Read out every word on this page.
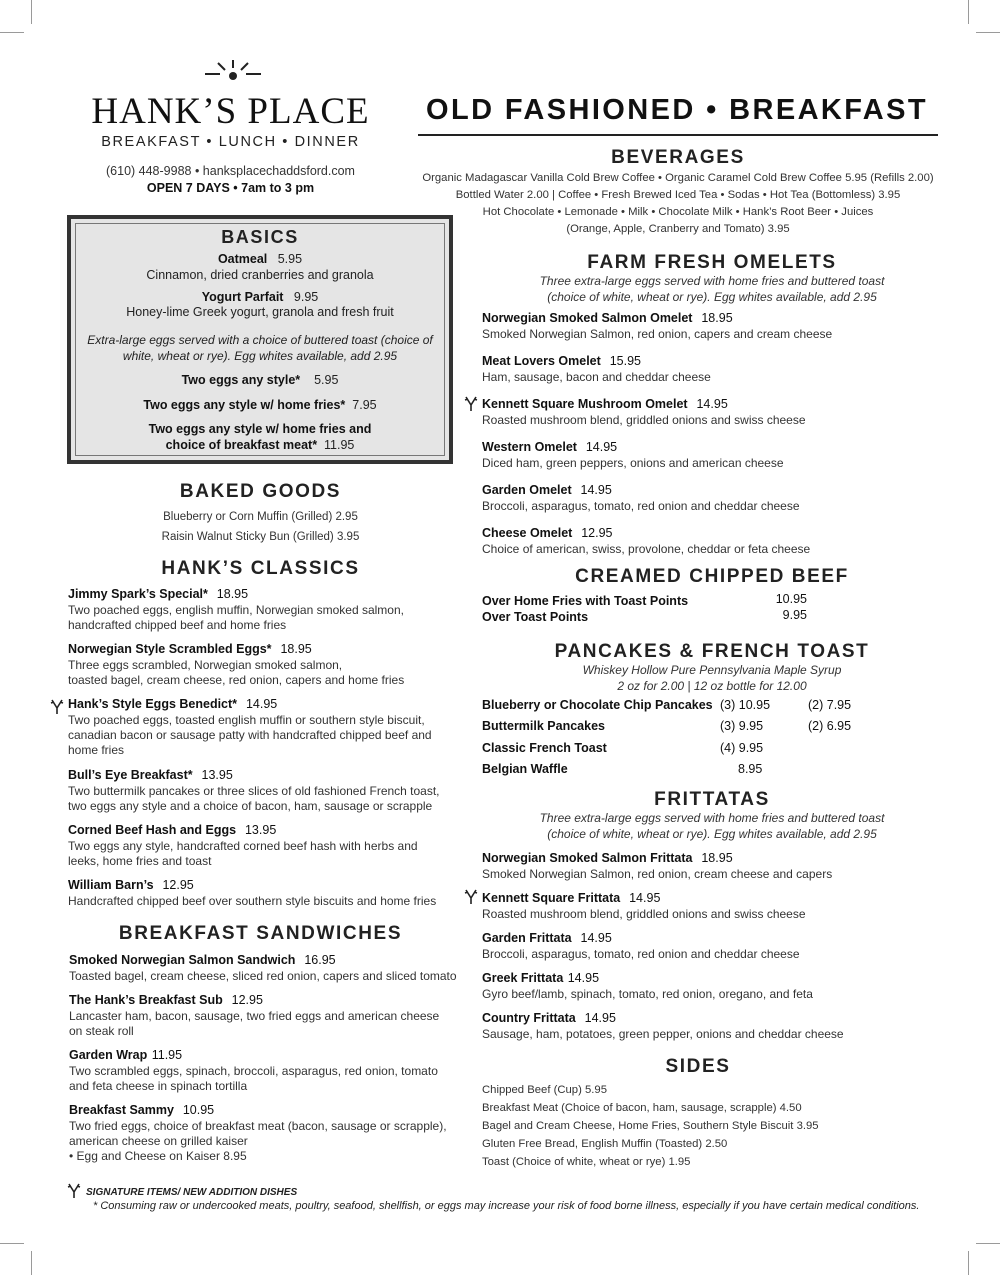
HANK’S PLACE
BREAKFAST • LUNCH • DINNER
(610) 448-9988 • hanksplacechaddsford.com
OPEN 7 DAYS • 7am to 3 pm
OLD FASHIONED • BREAKFAST
BASICS
Oatmeal 5.95
Cinnamon, dried cranberries and granola
Yogurt Parfait 9.95
Honey-lime Greek yogurt, granola and fresh fruit
Extra-large eggs served with a choice of buttered toast (choice of
white, wheat or rye). Egg whites available, add 2.95
Two eggs any style* 5.95
Two eggs any style w/ home fries* 7.95
Two eggs any style w/ home fries and
choice of breakfast meat* 11.95
BAKED GOODS
Blueberry or Corn Muffin (Grilled) 2.95
Raisin Walnut Sticky Bun (Grilled) 3.95
HANK’S CLASSICS
Jimmy Spark’s Special* 18.95
Two poached eggs, english muffin, Norwegian smoked salmon,
handcrafted chipped beef and home fries
Norwegian Style Scrambled Eggs* 18.95
Three eggs scrambled, Norwegian smoked salmon,
toasted bagel, cream cheese, red onion, capers and home fries
Hank’s Style Eggs Benedict* 14.95
Two poached eggs, toasted english muffin or southern style biscuit,
canadian bacon or sausage patty with handcrafted chipped beef and
home fries
Bull’s Eye Breakfast* 13.95
Two buttermilk pancakes or three slices of old fashioned French toast,
two eggs any style and a choice of bacon, ham, sausage or scrapple
Corned Beef Hash and Eggs 13.95
Two eggs any style, handcrafted corned beef hash with herbs and
leeks, home fries and toast
William Barn’s 12.95
Handcrafted chipped beef over southern style biscuits and home fries
BREAKFAST SANDWICHES
Smoked Norwegian Salmon Sandwich 16.95
Toasted bagel, cream cheese, sliced red onion, capers and sliced tomato
The Hank’s Breakfast Sub 12.95
Lancaster ham, bacon, sausage, two fried eggs and american cheese
on steak roll
Garden Wrap 11.95
Two scrambled eggs, spinach, broccoli, asparagus, red onion, tomato
and feta cheese in spinach tortilla
Breakfast Sammy 10.95
Two fried eggs, choice of breakfast meat (bacon, sausage or scrapple),
american cheese on grilled kaiser
• Egg and Cheese on Kaiser 8.95
BEVERAGES
Organic Madagascar Vanilla Cold Brew Coffee • Organic Caramel Cold Brew Coffee 5.95 (Refills 2.00)
Bottled Water 2.00 | Coffee • Fresh Brewed Iced Tea • Sodas • Hot Tea (Bottomless) 3.95
Hot Chocolate • Lemonade • Milk • Chocolate Milk • Hank’s Root Beer • Juices
(Orange, Apple, Cranberry and Tomato) 3.95
FARM FRESH OMELETS
Three extra-large eggs served with home fries and buttered toast
(choice of white, wheat or rye). Egg whites available, add 2.95
Norwegian Smoked Salmon Omelet 18.95
Smoked Norwegian Salmon, red onion, capers and cream cheese
Meat Lovers Omelet 15.95
Ham, sausage, bacon and cheddar cheese
Kennett Square Mushroom Omelet 14.95
Roasted mushroom blend, griddled onions and swiss cheese
Western Omelet 14.95
Diced ham, green peppers, onions and american cheese
Garden Omelet 14.95
Broccoli, asparagus, tomato, red onion and cheddar cheese
Cheese Omelet 12.95
Choice of american, swiss, provolone, cheddar or feta cheese
CREAMED CHIPPED BEEF
Over Home Fries with Toast Points	10.95
Over Toast Points	9.95
PANCAKES & FRENCH TOAST
Whiskey Hollow Pure Pennsylvania Maple Syrup
2 oz for 2.00 | 12 oz bottle for 12.00
Blueberry or Chocolate Chip Pancakes	(3) 10.95	(2) 7.95
Buttermilk Pancakes	(3) 9.95	(2) 6.95
Classic French Toast	(4) 9.95	
Belgian Waffle	8.95	
FRITTATAS
Three extra-large eggs served with home fries and buttered toast
(choice of white, wheat or rye). Egg whites available, add 2.95
Norwegian Smoked Salmon Frittata 18.95
Smoked Norwegian Salmon, red onion, cream cheese and capers
Kennett Square Frittata 14.95
Roasted mushroom blend, griddled onions and swiss cheese
Garden Frittata 14.95
Broccoli, asparagus, tomato, red onion and cheddar cheese
Greek Frittata 14.95
Gyro beef/lamb, spinach, tomato, red onion, oregano, and feta
Country Frittata 14.95
Sausage, ham, potatoes, green pepper, onions and cheddar cheese
SIDES
Chipped Beef (Cup) 5.95
Breakfast Meat (Choice of bacon, ham, sausage, scrapple) 4.50
Bagel and Cream Cheese, Home Fries, Southern Style Biscuit 3.95
Gluten Free Bread, English Muffin (Toasted) 2.50
Toast (Choice of white, wheat or rye) 1.95
SIGNATURE ITEMS/ NEW ADDITION DISHES
* Consuming raw or undercooked meats, poultry, seafood, shellfish, or eggs may increase your risk of food borne illness, especially if you have certain medical conditions.
